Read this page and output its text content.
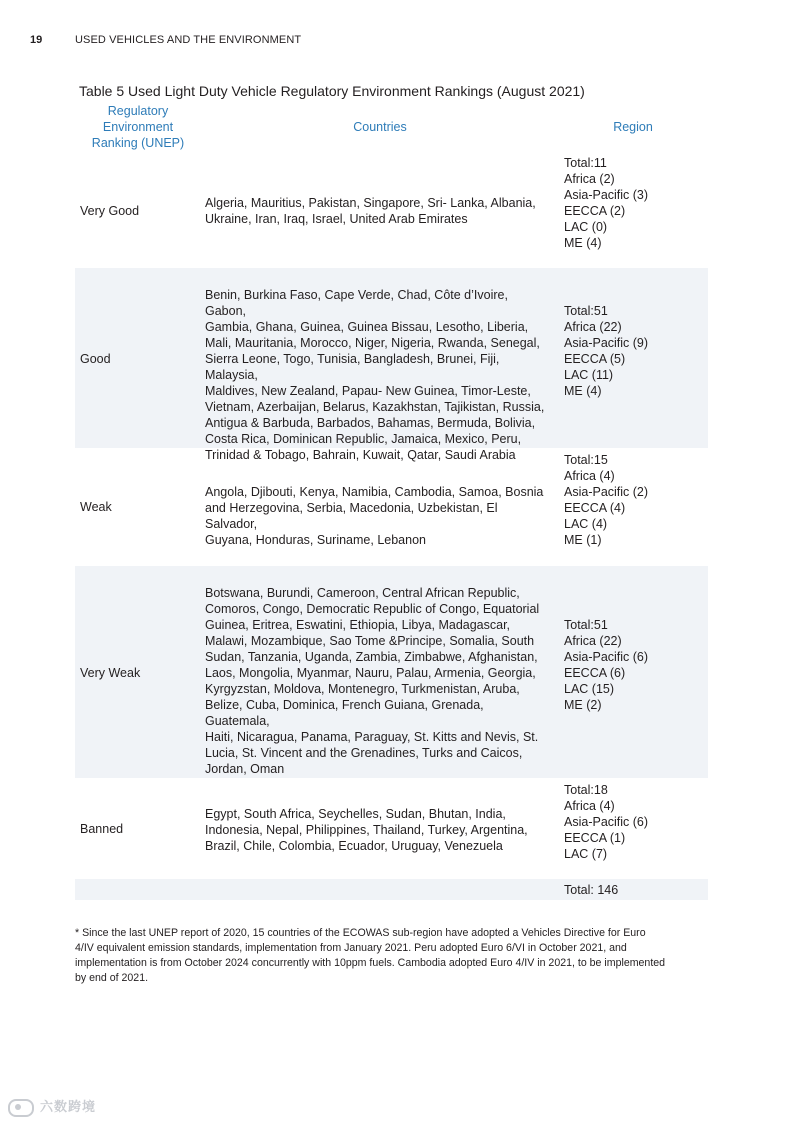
19	USED VEHICLES AND THE ENVIRONMENT
Table 5 Used Light Duty Vehicle Regulatory Environment Rankings (August 2021)
Regulatory
Environment
Ranking (UNEP)
Countries	Region
Very Good
Algeria, Mauritius, Pakistan, Singapore, Sri- Lanka, Albania,
Ukraine, Iran, Iraq, Israel, United Arab Emirates
Total:11
Africa (2)
Asia-Pacific (3)
EECCA (2)
LAC (0)
ME (4)
Good
Benin, Burkina Faso, Cape Verde, Chad, Côte d’Ivoire, Gabon,
Gambia, Ghana, Guinea, Guinea Bissau, Lesotho, Liberia,
Mali, Mauritania, Morocco, Niger, Nigeria, Rwanda, Senegal,
Sierra Leone, Togo, Tunisia, Bangladesh, Brunei, Fiji, Malaysia,
Maldives, New Zealand, Papau- New Guinea, Timor-Leste,
Vietnam, Azerbaijan, Belarus, Kazakhstan, Tajikistan, Russia,
Antigua & Barbuda, Barbados, Bahamas, Bermuda, Bolivia,
Costa Rica, Dominican Republic, Jamaica, Mexico, Peru,
Trinidad & Tobago, Bahrain, Kuwait, Qatar, Saudi Arabia
Total:51
Africa (22)
Asia-Pacific (9)
EECCA (5)
LAC (11)
ME (4)
Weak
Angola, Djibouti, Kenya, Namibia, Cambodia, Samoa, Bosnia
and Herzegovina, Serbia, Macedonia, Uzbekistan, El Salvador,
Guyana, Honduras, Suriname, Lebanon
Total:15
Africa (4)
Asia-Pacific (2)
EECCA (4)
LAC (4)
ME (1)
Very Weak
Botswana, Burundi, Cameroon, Central African Republic,
Comoros, Congo, Democratic Republic of Congo, Equatorial
Guinea, Eritrea, Eswatini, Ethiopia, Libya, Madagascar,
Malawi, Mozambique, Sao Tome &Principe, Somalia, South
Sudan, Tanzania, Uganda, Zambia, Zimbabwe, Afghanistan,
Laos, Mongolia, Myanmar, Nauru, Palau, Armenia, Georgia,
Kyrgyzstan, Moldova, Montenegro, Turkmenistan, Aruba,
Belize, Cuba, Dominica, French Guiana, Grenada, Guatemala,
Haiti, Nicaragua, Panama, Paraguay, St. Kitts and Nevis, St.
Lucia, St. Vincent and the Grenadines, Turks and Caicos,
Jordan, Oman
Total:51
Africa (22)
Asia-Pacific (6)
EECCA (6)
LAC (15)
ME (2)
Banned
Egypt, South Africa, Seychelles, Sudan, Bhutan, India,
Indonesia, Nepal, Philippines, Thailand, Turkey, Argentina,
Brazil, Chile, Colombia, Ecuador, Uruguay, Venezuela
Total:18
Africa (4)
Asia-Pacific (6)
EECCA (1)
LAC (7)
Total: 146
* Since the last UNEP report of 2020, 15 countries of the ECOWAS sub-region have adopted a Vehicles Directive for Euro
4/IV equivalent emission standards, implementation from January 2021. Peru adopted Euro 6/VI in October 2021, and
implementation is from October 2024 concurrently with 10ppm fuels. Cambodia adopted Euro 4/IV in 2021, to be implemented
by end of 2021.
六数跨境
